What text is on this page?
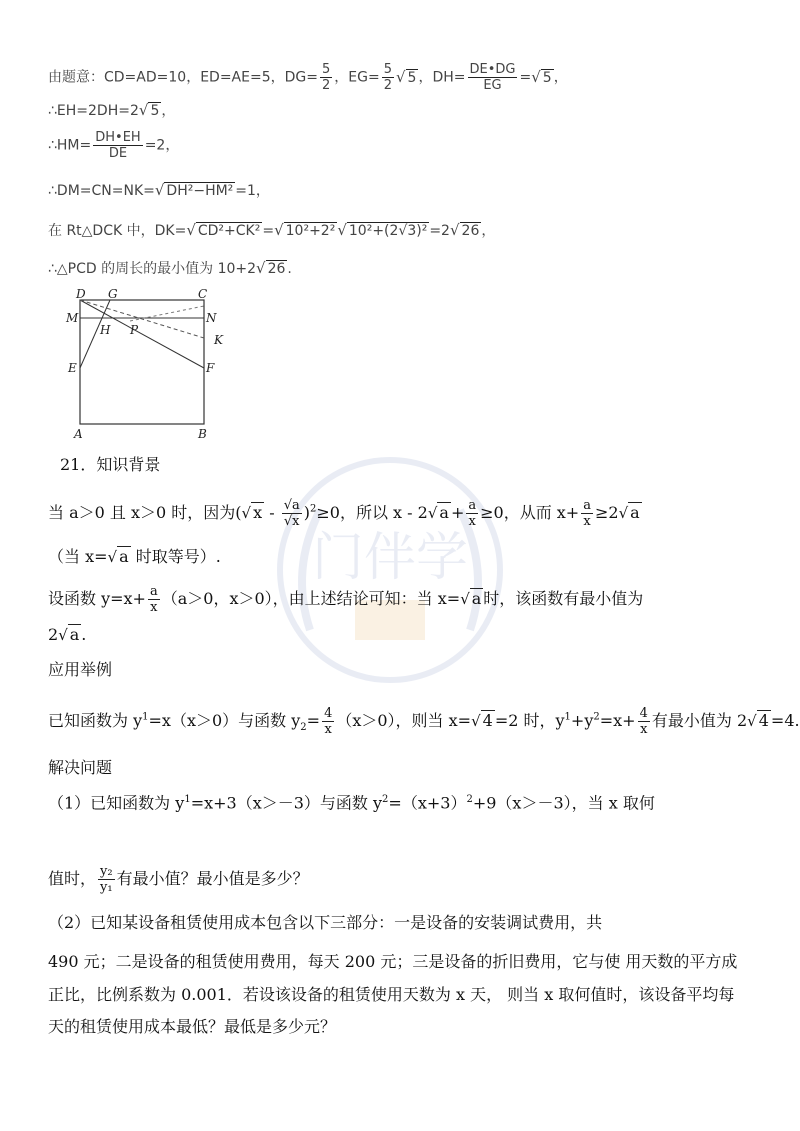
门伴学
由题意：CD=AD=10，ED=AE=5，$DG= \frac{5}{2}$ ，$EG= \frac{5}{2}$
√ 5 ，$DH= \frac{DE•DG}{EG}$ =√ 5 ，
∴EH=2DH=2√ 5 ，
∴HM= $\frac{DH•EH}{DE} =2$，
∴DM=CN=NK=√ DH²−HM² =1，
在 Rt△DCK 中，DK=√ CD²+CK² =√ 10²+2²√ 10²+(2√3)² =2√ 26 ，
∴△PCD 的周长的最小值为 10+2√ 26 .
D G	C
M	N
H P
K
E	F
A	B
21．知识背景
当 a＞0 且 x＞0 时，因为(√ $x - \frac{√a}{√x} )^2\ge 0$，所以 x - 2√ $a + \frac{a}{x} \ge 0$，从而 $x+ \frac{a}{x} \ge 2√$ a
（当 x=√ a 时取等号）.
设函数 $y=x+ \frac{a}{x} (a>0$，x＞0），由上述结论可知：当 x=√ a 时，该函数有最小值为
2√ a .
应用举例
已知函数为 $y^1=x(x>0)$与函数 $y_2= \frac{4}{x} (x>0)$，则当 x=√ 4 =2 时，$y^1+y^2=x+ \frac{4}{x}$ 有最小值为 2√ 4 =4.
解决问题
（1）已知函数为 $y^1=x+3(x>-3)$与函数 $y^2=(x+3)^2+9(x>-3)$，当 x 取何
值时， $\frac{\text{y₂}}{\text{y₁}}$ 有最小值？最小值是多少？
（2）已知某设备租赁使用成本包含以下三部分：一是设备的安装调试费用，共
490 元；二是设备的租赁使用费用，每天 200 元；三是设备的折旧费用，它与使 用天数的平方成
正比，比例系数为 0.001．若设该设备的租赁使用天数为 x 天， 则当 x 取何值时，该设备平均每
天的租赁使用成本最低？最低是多少元？
